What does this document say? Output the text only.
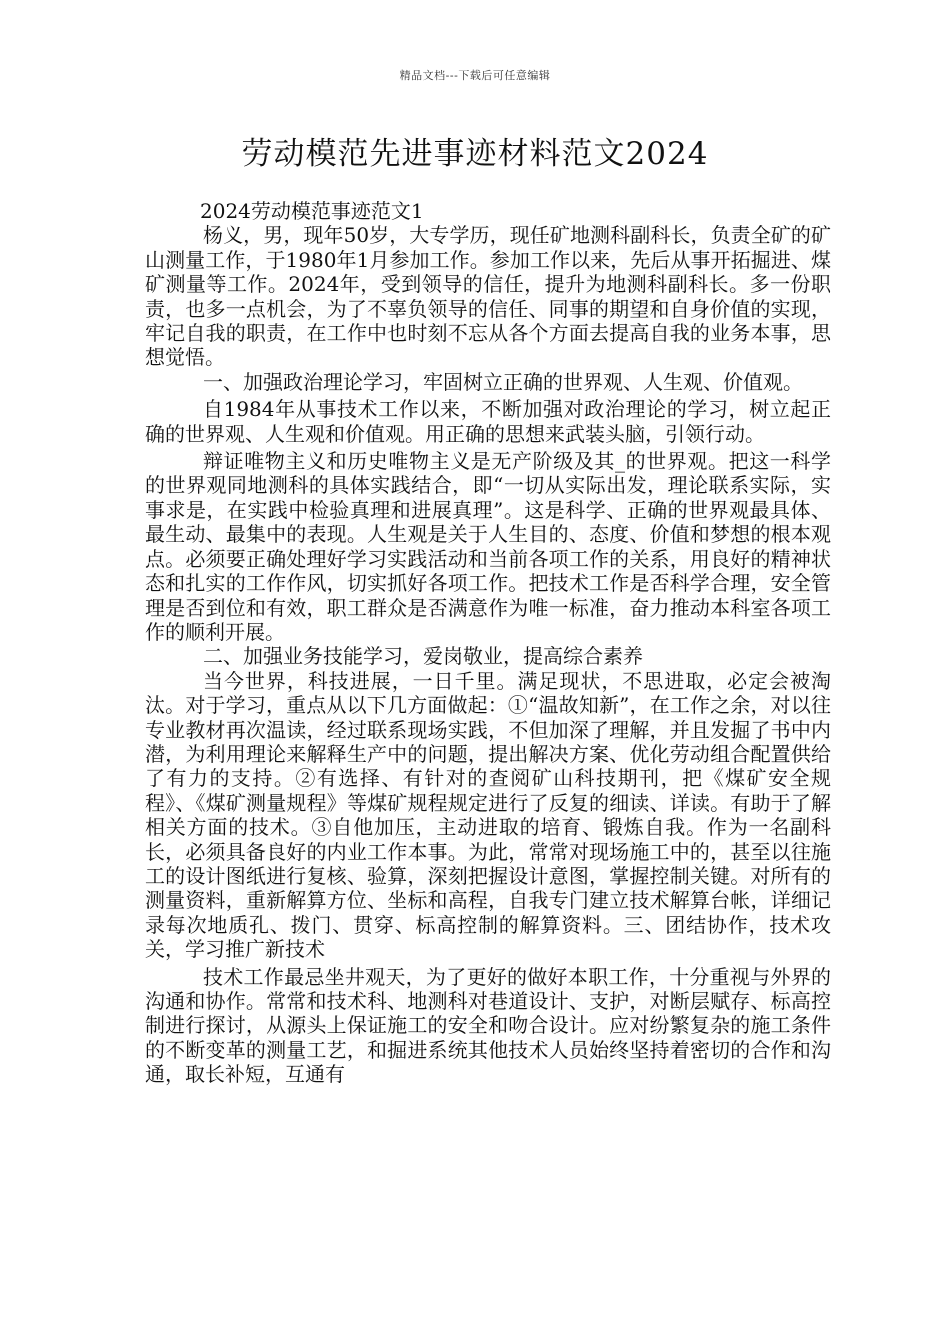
精品文档---下载后可任意编辑
劳动模范先进事迹材料范文2024

2024劳动模范事迹范文1

杨义，男，现年50岁，大专学历，现任矿地测科副科长，负责全矿的矿山测量工作，于1980年1月参加工作。参加工作以来，先后从事开拓掘进、煤矿测量等工作。2024年，受到领导的信任，提升为地测科副科长。多一份职责，也多一点机会，为了不辜负领导的信任、同事的期望和自身价值的实现，牢记自我的职责，在工作中也时刻不忘从各个方面去提高自我的业务本事，思想觉悟。

一、加强政治理论学习，牢固树立正确的世界观、人生观、价值观。

自1984年从事技术工作以来，不断加强对政治理论的学习，树立起正确的世界观、人生观和价值观。用正确的思想来武装头脑，引领行动。

辩证唯物主义和历史唯物主义是无产阶级及其_的世界观。把这一科学的世界观同地测科的具体实践结合，即“一切从实际出发，理论联系实际，实事求是，在实践中检验真理和进展真理”。这是科学、正确的世界观最具体、最生动、最集中的表现。人生观是关于人生目的、态度、价值和梦想的根本观点。必须要正确处理好学习实践活动和当前各项工作的关系，用良好的精神状态和扎实的工作作风，切实抓好各项工作。把技术工作是否科学合理，安全管理是否到位和有效，职工群众是否满意作为唯一标准，奋力推动本科室各项工作的顺利开展。

二、加强业务技能学习，爱岗敬业，提高综合素养

当今世界，科技进展，一日千里。满足现状，不思进取，必定会被淘汰。对于学习，重点从以下几方面做起：①“温故知新”，在工作之余，对以往专业教材再次温读，经过联系现场实践，不但加深了理解，并且发掘了书中内潜，为利用理论来解释生产中的问题，提出解决方案、优化劳动组合配置供给了有力的支持。②有选择、有针对的查阅矿山科技期刊，把《煤矿安全规程》、《煤矿测量规程》等煤矿规程规定进行了反复的细读、详读。有助于了解相关方面的技术。③自他加压，主动进取的培育、锻炼自我。作为一名副科长，必须具备良好的内业工作本事。为此，常常对现场施工中的，甚至以往施工的设计图纸进行复核、验算，深刻把握设计意图，掌握控制关键。对所有的测量资料，重新解算方位、坐标和高程，自我专门建立技术解算台帐，详细记录每次地质孔、拨门、贯穿、标高控制的解算资料。三、团结协作，技术攻关，学习推广新技术

技术工作最忌坐井观天，为了更好的做好本职工作，十分重视与外界的沟通和协作。常常和技术科、地测科对巷道设计、支护，对断层赋存、标高控制进行探讨，从源头上保证施工的安全和吻合设计。应对纷繁复杂的施工条件的不断变革的测量工艺，和掘进系统其他技术人员始终坚持着密切的合作和沟通，取长补短，互通有
